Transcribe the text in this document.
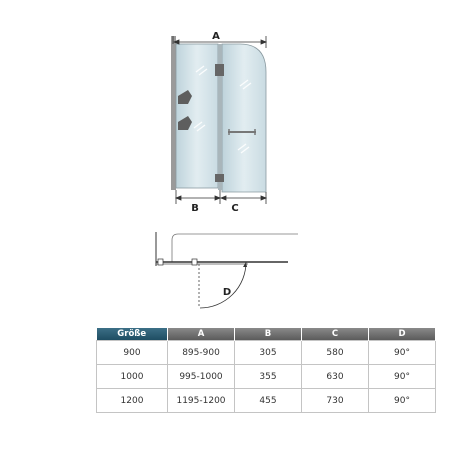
A
B	C
D
Größe	A	B	C	D
900	895-900	305	580	90°
1000	995-1000	355	630	90°
1200	1195-1200	455	730	90°
